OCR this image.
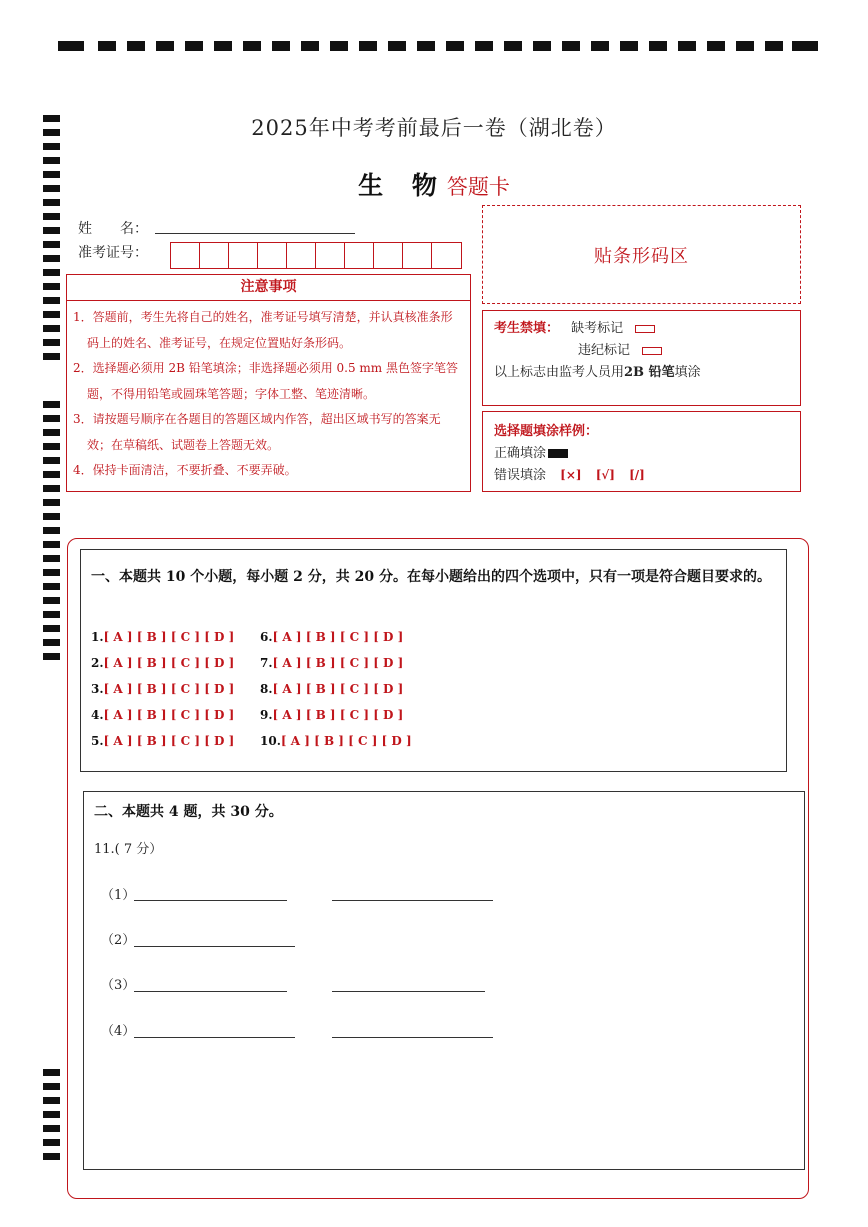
2025年中考考前最后一卷（湖北卷）
生 物答题卡
姓　　名：
准考证号：
注意事项

1．答题前，考生先将自己的姓名，准考证号填写清楚，并认真核准条形码上的姓名、准考证号，在规定位置贴好条形码。

2．选择题必须用 2B 铅笔填涂；非选择题必须用 0.5 mm 黑色签字笔答题，不得用铅笔或圆珠笔答题；字体工整、笔迹清晰。

3．请按题号顺序在各题目的答题区域内作答，超出区域书写的答案无效；在草稿纸、试题卷上答题无效。

4．保持卡面清洁，不要折叠、不要弄破。

贴条形码区
考生禁填： 缺考标记
违纪标记
以上标志由监考人员用2B 铅笔填涂
选择题填涂样例：
正确填涂
错误填涂 [×] [√] [/]
一、本题共 10 个小题，每小题 2 分，共 20 分。在每小题给出的四个选项中，只有一项是符合题目要求的。
1.[ A ] [ B ] [ C ] [ D ]
2.[ A ] [ B ] [ C ] [ D ]
3.[ A ] [ B ] [ C ] [ D ]
4.[ A ] [ B ] [ C ] [ D ]
5.[ A ] [ B ] [ C ] [ D ]
6.[ A ] [ B ] [ C ] [ D ]
7.[ A ] [ B ] [ C ] [ D ]
8.[ A ] [ B ] [ C ] [ D ]
9.[ A ] [ B ] [ C ] [ D ]
10.[ A ] [ B ] [ C ] [ D ]
二、本题共 4 题，共 30 分。
11.( 7 分）
（1）
（2）
（3）
（4）
